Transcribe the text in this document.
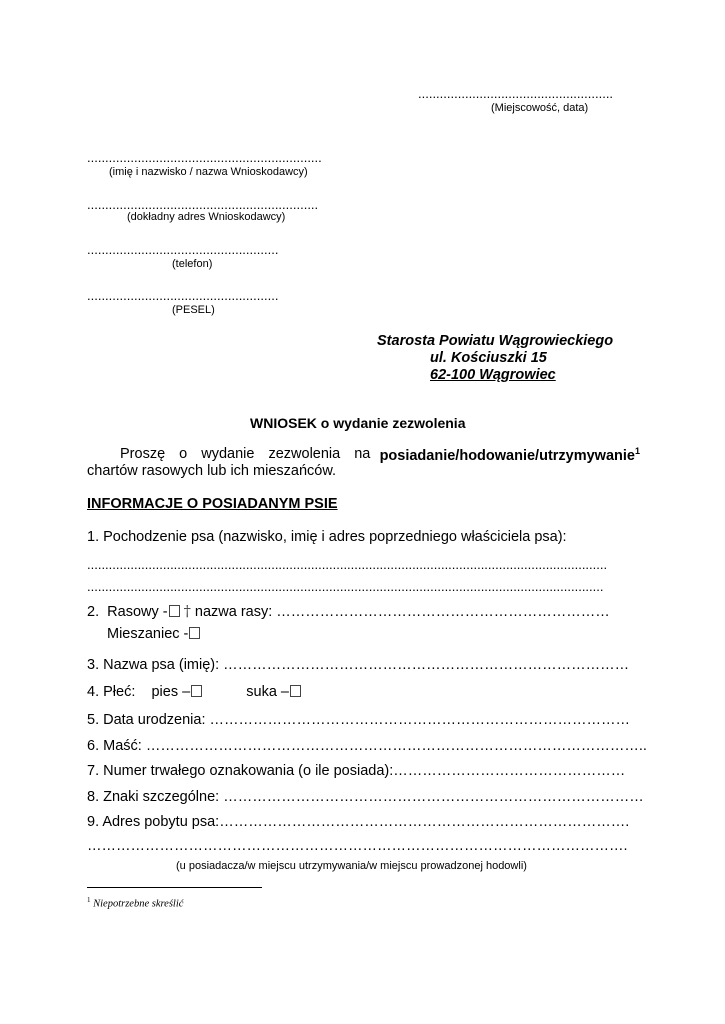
......................................................
(Miejscowość, data)
.................................................................
(imię i nazwisko / nazwa Wnioskodawcy)
................................................................
(dokładny adres Wnioskodawcy)
.....................................................
(telefon)
.....................................................
(PESEL)
Starosta Powiatu Wągrowieckiego
ul. Kościuszki 15
62-100 Wągrowiec
WNIOSEK o wydanie zezwolenia
Proszę o wydanie zezwolenia na posiadanie/hodowanie/utrzymywanie$^1$
chartów rasowych lub ich mieszańców.
INFORMACJE O POSIADANYM PSIE
1. Pochodzenie psa (nazwisko, imię i adres poprzedniego właściciela psa):
................................................................................................................................................
...............................................................................................................................................
2. Rasowy - † nazwa rasy: ……………………………………………………………
Mieszaniec -
3. Nazwa psa (imię): …………………………………………………………………………
4. Płeć: pies –	suka –
5. Data urodzenia: ……………………………………………………………………………
6. Maść: …………………………………………………………………………………………..
7. Numer trwałego oznakowania (o ile posiada):…………………………………………
8. Znaki szczególne: ……………………………………………………………………………
9. Adres pobytu psa:………………………………………………………………………….
………………………………………………………………………………………………….
(u posiadacza/w miejscu utrzymywania/w miejscu prowadzonej hodowli)
$^1$ Niepotrzebne skreślić
